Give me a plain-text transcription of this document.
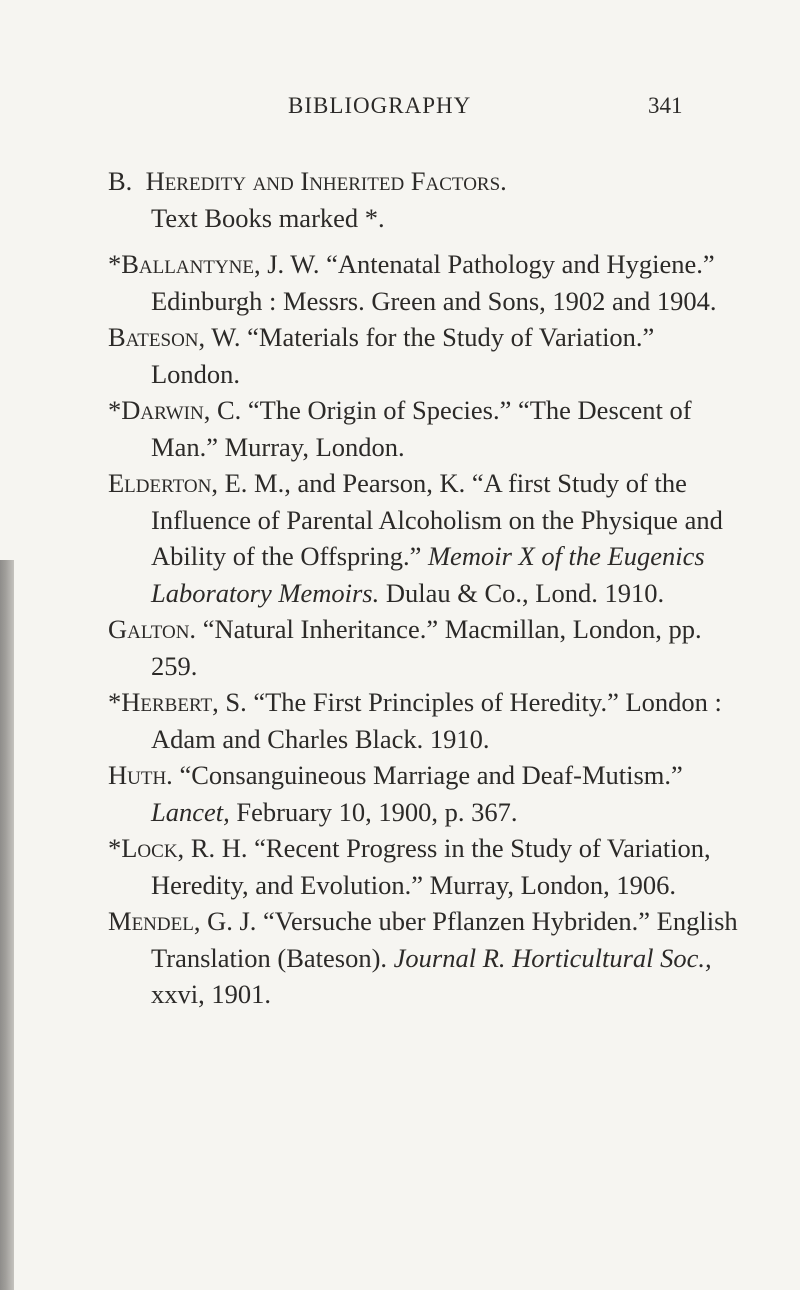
BIBLIOGRAPHY	341

B. Heredity and Inherited Factors.

Text Books marked *.

*Ballantyne, J. W. “Antenatal Pathology and Hygiene.” Edinburgh : Messrs. Green and Sons, 1902 and 1904.

Bateson, W. “Materials for the Study of Variation.” London.

*Darwin, C. “The Origin of Species.” “The Descent of Man.” Murray, London.

Elderton, E. M., and Pearson, K. “A first Study of the Influence of Parental Alcoholism on the Physique and Ability of the Offspring.” Memoir X of the Eugenics Laboratory Memoirs. Dulau & Co., Lond. 1910.

Galton. “Natural Inheritance.” Macmillan, London, pp. 259.

*Herbert, S. “The First Principles of Heredity.” London : Adam and Charles Black. 1910.

Huth. “Consanguineous Marriage and Deaf-Mutism.” Lancet, February 10, 1900, p. 367.

*Lock, R. H. “Recent Progress in the Study of Variation, Heredity, and Evolution.” Murray, London, 1906.

Mendel, G. J. “Versuche uber Pflanzen Hybriden.” English Translation (Bateson). Journal R. Horticultural Soc., xxvi, 1901.
